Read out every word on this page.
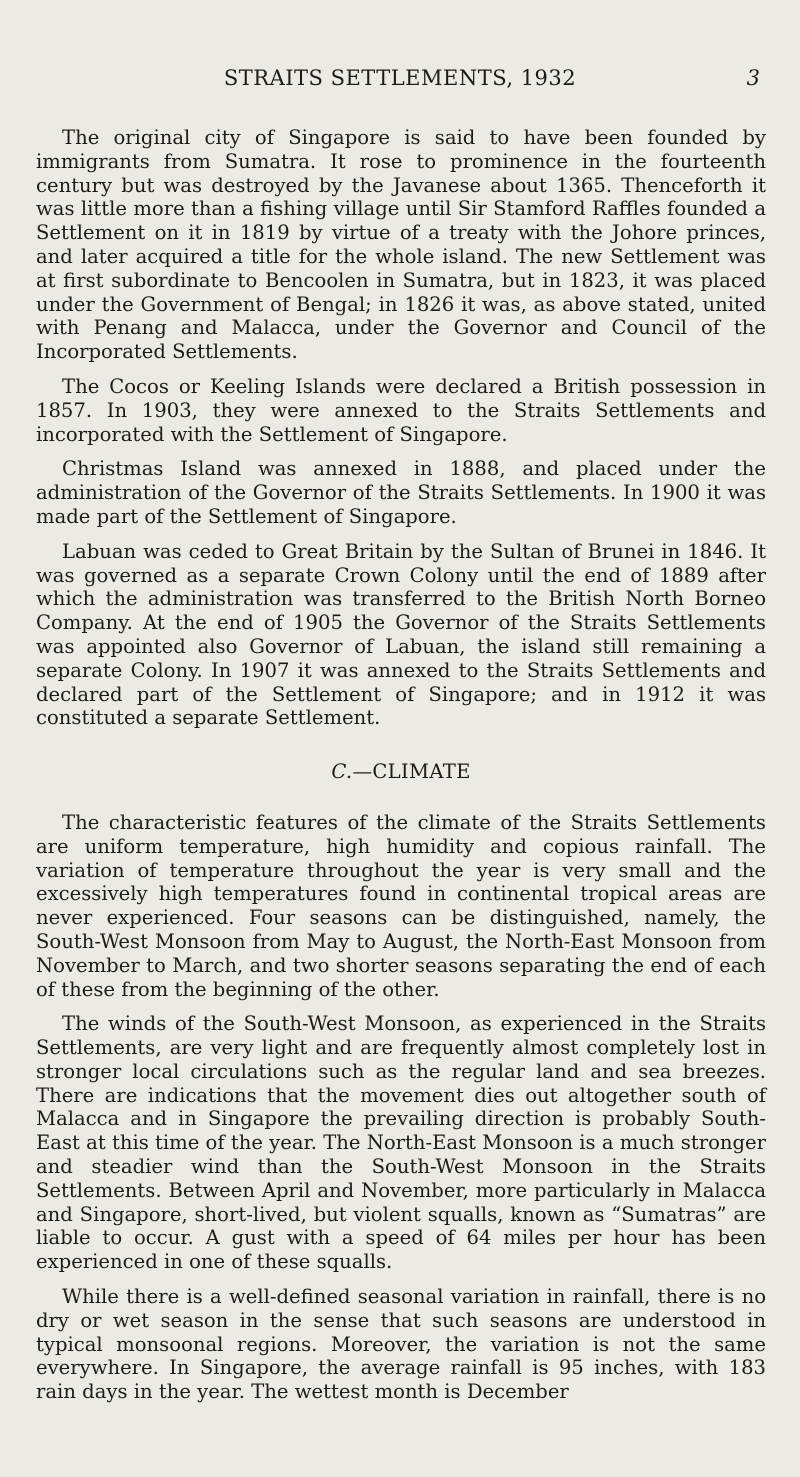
STRAITS SETTLEMENTS, 1932	3

The original city of Singapore is said to have been founded by immigrants from Sumatra. It rose to prominence in the fourteenth century but was destroyed by the Javanese about 1365. Thenceforth it was little more than a fishing village until Sir Stamford Raffles founded a Settlement on it in 1819 by virtue of a treaty with the Johore princes, and later acquired a title for the whole island. The new Settlement was at first subordinate to Bencoolen in Sumatra, but in 1823, it was placed under the Government of Bengal; in 1826 it was, as above stated, united with Penang and Malacca, under the Governor and Council of the Incorporated Settlements.

The Cocos or Keeling Islands were declared a British possession in 1857. In 1903, they were annexed to the Straits Settlements and incorporated with the Settlement of Singapore.

Christmas Island was annexed in 1888, and placed under the administration of the Governor of the Straits Settlements. In 1900 it was made part of the Settlement of Singapore.

Labuan was ceded to Great Britain by the Sultan of Brunei in 1846. It was governed as a separate Crown Colony until the end of 1889 after which the administration was transferred to the British North Borneo Company. At the end of 1905 the Governor of the Straits Settlements was appointed also Governor of Labuan, the island still remaining a separate Colony. In 1907 it was annexed to the Straits Settlements and declared part of the Settlement of Singapore; and in 1912 it was constituted a separate Settlement.

C.—CLIMATE

The characteristic features of the climate of the Straits Settlements are uniform temperature, high humidity and copious rainfall. The variation of temperature throughout the year is very small and the excessively high temperatures found in continental tropical areas are never experienced. Four seasons can be distinguished, namely, the South-West Monsoon from May to August, the North-East Monsoon from November to March, and two shorter seasons separating the end of each of these from the beginning of the other.

The winds of the South-West Monsoon, as experienced in the Straits Settlements, are very light and are frequently almost completely lost in stronger local circulations such as the regular land and sea breezes. There are indications that the movement dies out altogether south of Malacca and in Singapore the prevailing direction is probably South-East at this time of the year. The North-East Monsoon is a much stronger and steadier wind than the South-West Monsoon in the Straits Settlements. Between April and November, more particularly in Malacca and Singapore, short-lived, but violent squalls, known as “Sumatras” are liable to occur. A gust with a speed of 64 miles per hour has been experienced in one of these squalls.

While there is a well-defined seasonal variation in rainfall, there is no dry or wet season in the sense that such seasons are understood in typical monsoonal regions. Moreover, the variation is not the same everywhere. In Singapore, the average rainfall is 95 inches, with 183 rain days in the year. The wettest month is December
